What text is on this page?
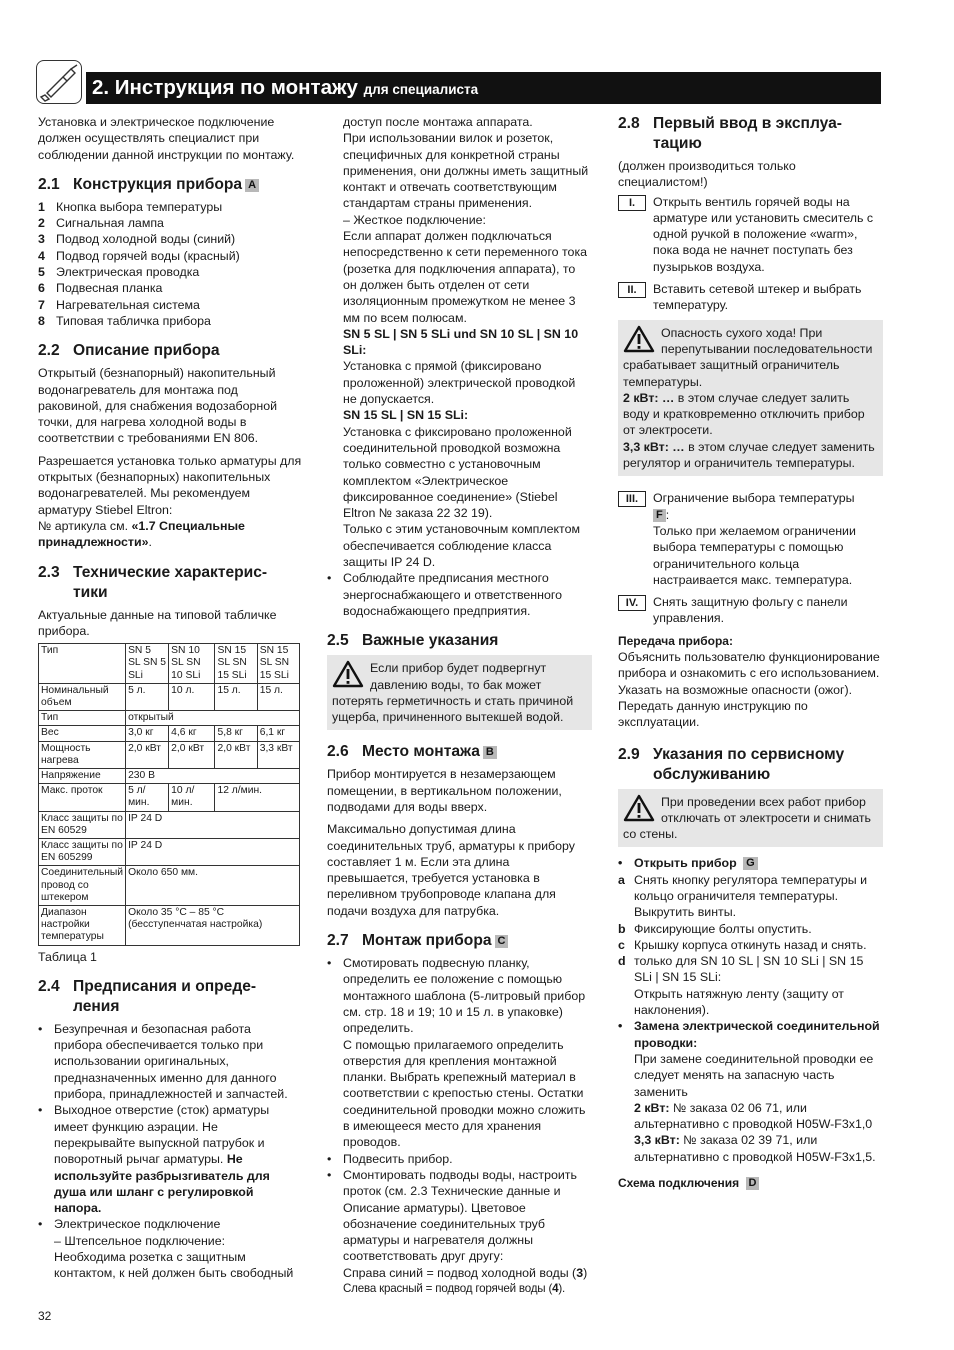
2. Инструкция по монтажу для специалиста

Установка и электрическое подключение должен осуществлять специалист при соблюдении данной инструкции по монтажу.

2.1 Конструкция прибора A
1 Кнопка выбора температуры
2 Сигнальная лампа
3 Подвод холодной воды (синий)
4 Подвод горячей воды (красный)
5 Электрическая проводка
6 Подвесная планка
7 Нагревательная система
8 Типовая табличка прибора
2.2 Описание прибора

Открытый (безнапорный) накопительный водонагреватель для монтажа под раковиной, для снабжения водозаборной точки, для нагрева холодной воды в соответствии с требованиями EN 806.

Разрешается установка только арматуры для открытых (безнапорных) накопительных водонагревателей. Мы рекомендуем арматуру Stiebel Eltron:

№ артикула см. «1.7 Специальные принадлежности».

2.3 Технические характерис-
тики

Актуальные данные на типовой табличке прибора.

Тип	SN 5 SL SN 5 SLi	SN 10 SL SN 10 SLi	SN 15 SL SN 15 SLi	SN 15 SL SN 15 SLi
Номинальный объем	5 л.	10 л.	15 л.	15 л.
Тип	открытый			
Вес	3,0 кг	4,6 кг	5,8 кг	6,1 кг
Мощность нагрева	2,0 кВт	2,0 кВт	2,0 кВт	3,3 кВт
Напряжение	230 В			
Макс. проток	5 л/мин.	10 л/мин.	12 л/мин.	
Класс защиты по EN 60529	IP 24 D			
Класс защиты по EN 605299	IP 24 D			
Соединительный провод со штекером	Около 650 мм.			
Диапазон настройки температуры	Около 35 °C – 85 °C (бесступенчатая настройка)			

Таблица 1

2.4 Предписания и опреде-
ления
• Безупречная и безопасная работа прибора обеспечивается только при использовании оригинальных, предназначенных именно для данного прибора, принадлежностей и запчастей.
• Выходное отверстие (сток) арматуры имеет функцию аэрации. Не перекрывайте выпускной патрубок и поворотный рычаг арматуры. Не используйте разбрызгиватель для душа или шланг с регулировкой напора.
• Электрическое подключение
– Штепсельное подключение:
Необходима розетка с защитным контактом, к ней должен быть свободный
доступ после монтажа аппарата.
При использовании вилок и розеток, специфичных для конкретной страны применения, они должны иметь защитный контакт и отвечать соответствующим стандартам страны применения.
– Жесткое подключение:
Если аппарат должен подключаться непосредственно к сети переменного тока (розетка для подключения аппарата), то он должен быть отделен от сети изоляционным промежутком не менее 3 мм по всем полюсам.
SN 5 SL | SN 5 SLi und SN 10 SL | SN 10 SLi:
Установка с прямой (фиксировано проложенной) электрической проводкой не допускается.
SN 15 SL | SN 15 SLi:
Установка с фиксировано проложенной соединительной проводкой возможна только совместно с установочным комплектом «Электрическое фиксированное соединение» (Stiebel Eltron № заказа 22 32 19).
Только с этим установочным комплектом обеспечивается соблюдение класса защиты IP 24 D.
• Соблюдайте предписания местного энергоснабжающего и ответственного водоснабжающего предприятия.
2.5 Важные указания
Если прибор будет подвергнут давлению воды, то бак может потерять герметичность и стать причиной ущерба, причиненного вытекшей водой.
2.6 Место монтажа B

Прибор монтируется в незамерзающем помещении, в вертикальном положении, подводами для воды вверх.

Максимально допустимая длина соединительных труб, арматуры к прибору составляет 1 м. Если эта длина превышается, требуется установка в переливном трубопроводе клапана для подачи воздуха для патрубка.

2.7 Монтаж прибора C
• Смотировать подвесную планку, определить ее положение с помощью монтажного шаблона (5-литровый прибор см. стр. 18 и 19; 10 и 15 л. в упаковке) определить.
С помощью прилагаемого определить отверстия для крепления монтажной планки. Выбрать крепежный материал в соответствии с крепостью стены. Остатки соединительной проводки можно сложить в имеющееся место для хранения проводов.
• Подвесить прибор.
• Смонтировать подводы воды, настроить проток (см. 2.3 Технические данные и Описание арматуры). Цветовое обозначение соединительных труб арматуры и нагревателя должны соответствовать друг другу:
Справа синий = подвод холодной воды (3)
Слева красный = подвод горячей воды (4).
2.8 Первый ввод в эксплуа-
тацию

(должен производиться только специалистом!)

I.	Открыть вентиль горячей воды на арматуре или установить смеситель с одной ручкой в положение «warm», пока вода не начнет поступать без пузырьков воздуха.
II.	Вставить сетевой штекер и выбрать температуру.
Опасность сухого хода! При перепутывании последовательности срабатывает защитный ограничитель температуры.
2 кВт: … в этом случае следует залить воду и кратковременно отключить прибор от электросети.
3,3 кВт: … в этом случае следует заменить регулятор и ограничитель температуры.
III.	Ограничение выбора температуры
F :
Только при желаемом ограничении выбора температуры с помощью ограничительного кольца настраивается макс. температура.
IV.	Снять защитную фольгу с панели управления.
Передача прибора:

Объяснить пользователю функционирование прибора и ознакомить с его использованием. Указать на возможные опасности (ожог). Передать данную инструкцию по эксплуатации.

2.9 Указания по сервисному
обслуживанию
При проведении всех работ прибор отключать от электросети и снимать со стены.
• Открыть прибор G
a Снять кнопку регулятора температуры и кольцо ограничителя температуры. Выкрутить винты.
b Фиксирующие болты опустить.
c Крышку корпуса откинуть назад и снять.
d только для SN 10 SL | SN 10 SLi | SN 15 SLi | SN 15 SLi:
Открыть натяжную ленту (защиту от наклонения).
• Замена электрической соединительной проводки:
При замене соединительной проводки ее следует менять на запасную часть заменить
2 кВт: № заказа 02 06 71, или альтернативно с проводкой H05W-F3x1,0
3,3 кВт: № заказа 02 39 71, или альтернативно с проводкой H05W-F3x1,5.
Схема подключения D
32
